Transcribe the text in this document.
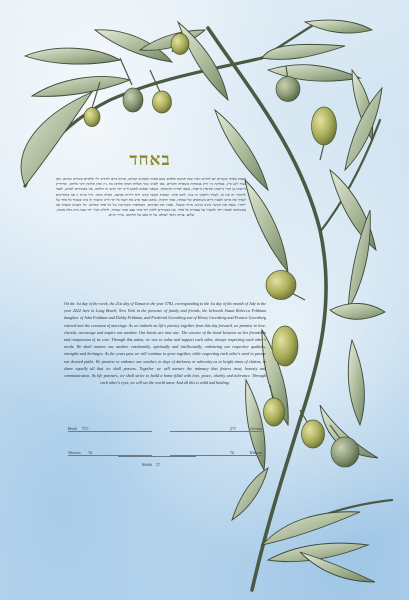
באחד
בשבת באחד ועשרים יום לחודש תמוז שנת חמשת אלפים שבע מאות ושמונים ושתים, שהיא מיום לחודש יולי אלפיים עשרים ושתים, כאן בעיר לונג ביץ, במדינת ניו יורק בנוכחות משפחה וחברים, באו לפנינו שתי הכלות רבקה פלדמן בת ג׳ון וסוזן פלדמן ודבי פלדמן, ופרדריק גרינברג בן הנרי גרינברג ופרנסין גרינברג, נכנסו לברית הנישואין. כשאנו יוצאים למסע חיינו יחד מיום זה והלאה, אנו מבטיחים לאהוב, לכבד ולהוקיר זה את זה, לעודד ולתמוך זה בזה. ליבנו אחד. תמצית הקשר בינינו היא ידידות ואהבה, חמלה וחסד. דרך ברית זו אנו מתחייבים לערוך את ביתנו ולבנות חיים משותפים של שמחה, כבוד ותקווה. נאהב ונכבד איש את רעהו כל ימי חיינו ונתמוך זה בזה ונשמור כל אחד על ייחודו. נטפח את הקשר בינינו ברגש, ברוח ובשכל. נאמץ את הצרכים, השאיפות והמורשת של כל אחד מאיתנו. כל השנים הבאות אנו ממשיכים לצמוח יחד ולשמור על עצמיות כל אחד. אנו מבטיחים ללכת יחד בימי עצב ובימי שמחה, לחלוק הכל. יחד נבנה בית מלא אהבה, שלום, צדקה וחסד לעולם. על זה באנו על החתום, שריר וקיים.
On the 1st day of the week, the 21st day of Tamuz in the year 5782, corresponding to the 1st day of the month of July in the year 2022 here in Long Beach, New York in the presence of family and friends, the beloveds Susan Rebecca Feldman daughter of John Feldman and Debby Feldman, and Frederick Greenberg son of Henry Greenberg and Francie Greenberg entered into the covenant of marriage. As we embark on life's journey together from this day forward, we promise to love, cherish, encourage and inspire one another. Our hearts are now one. The essence of the bond between us lies friendship and compassion of its core. Through this union, we vow to value and support each other, always respecting each other's needs. We shall nurture one another emotionally, spiritually and intellectually, embracing our respective qualities, strengths and heritages. As the years pass we will continue to grow together, while respecting each other's need to pursue our desired paths. We promise to embrace one another, in days of darkness or adversity as in bright times of elation, to share equally all that we shall possess. Together we will nurture the intimacy that fosters trust, honesty and communication. As life partners, we shall strive to build a home filled with love, peace, charity and tolerance. Through each other's eyes, we will see the world anew. And all this is valid and binding.
Bride כלה	חתן	Groom
Witness עד	עד	Witness
Rabbi רב
